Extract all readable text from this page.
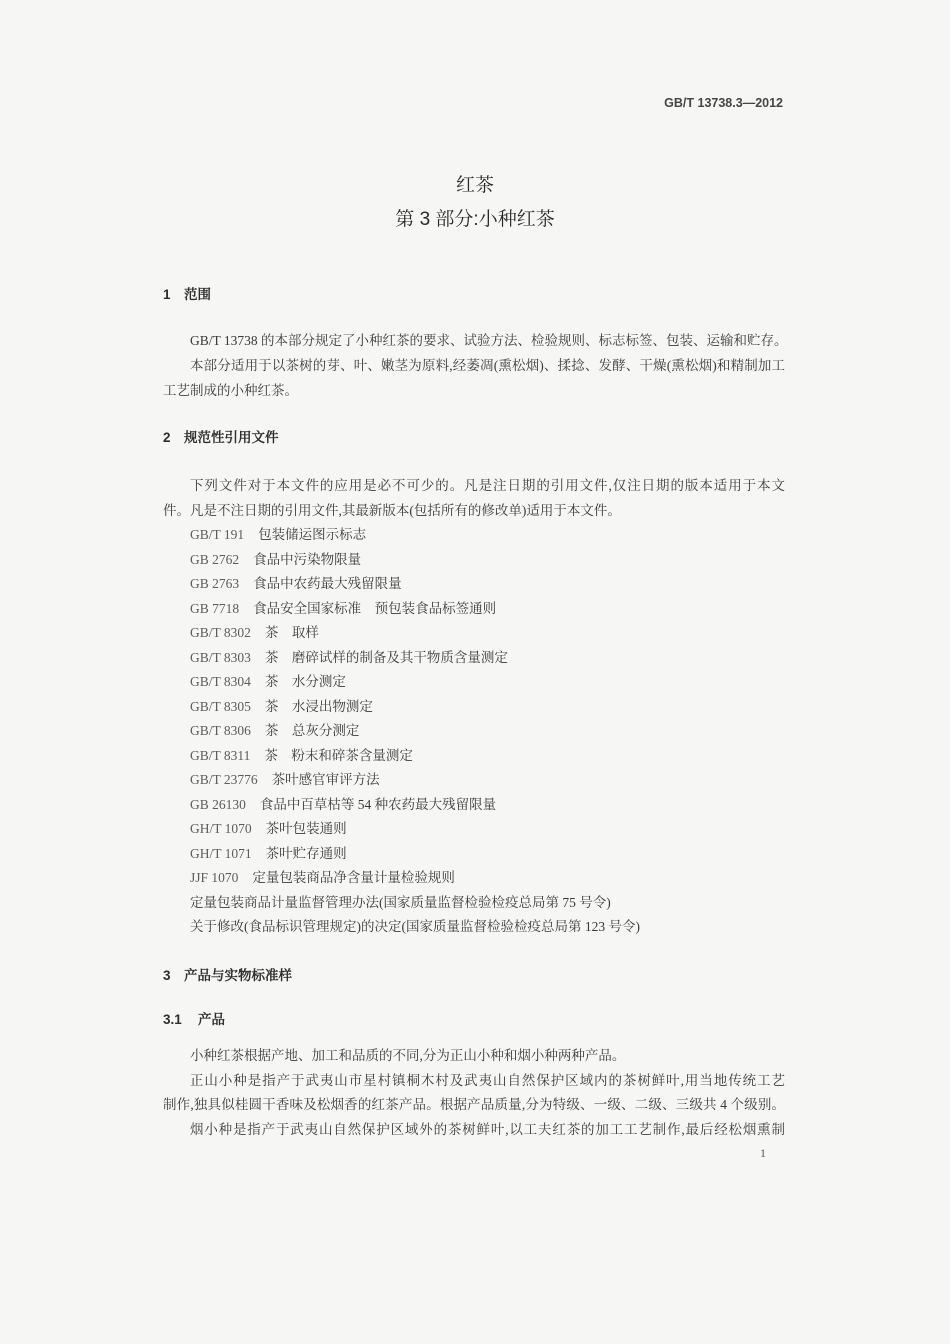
GB/T 13738.3—2012
红茶
第 3 部分:小种红茶
1 范围
GB/T 13738 的本部分规定了小种红茶的要求、试验方法、检验规则、标志标签、包装、运输和贮存。
本部分适用于以茶树的芽、叶、嫩茎为原料,经萎凋(熏松烟)、揉捻、发酵、干燥(熏松烟)和精制加工
工艺制成的小种红茶。
2 规范性引用文件
下列文件对于本文件的应用是必不可少的。凡是注日期的引用文件,仅注日期的版本适用于本文
件。凡是不注日期的引用文件,其最新版本(包括所有的修改单)适用于本文件。
GB/T 191 包装储运图示标志
GB 2762 食品中污染物限量
GB 2763 食品中农药最大残留限量
GB 7718 食品安全国家标准　预包装食品标签通则
GB/T 8302 茶　取样
GB/T 8303 茶　磨碎试样的制备及其干物质含量测定
GB/T 8304 茶　水分测定
GB/T 8305 茶　水浸出物测定
GB/T 8306 茶　总灰分测定
GB/T 8311 茶　粉末和碎茶含量测定
GB/T 23776 茶叶感官审评方法
GB 26130 食品中百草枯等 54 种农药最大残留限量
GH/T 1070 茶叶包装通则
GH/T 1071 茶叶贮存通则
JJF 1070 定量包装商品净含量计量检验规则
定量包装商品计量监督管理办法(国家质量监督检验检疫总局第 75 号令)
关于修改(食品标识管理规定)的决定(国家质量监督检验检疫总局第 123 号令)
3 产品与实物标准样
3.1 产品
小种红茶根据产地、加工和品质的不同,分为正山小种和烟小种两种产品。
正山小种是指产于武夷山市星村镇桐木村及武夷山自然保护区域内的茶树鲜叶,用当地传统工艺
制作,独具似桂圆干香味及松烟香的红茶产品。根据产品质量,分为特级、一级、二级、三级共 4 个级别。
烟小种是指产于武夷山自然保护区域外的茶树鲜叶,以工夫红茶的加工工艺制作,最后经松烟熏制
1
